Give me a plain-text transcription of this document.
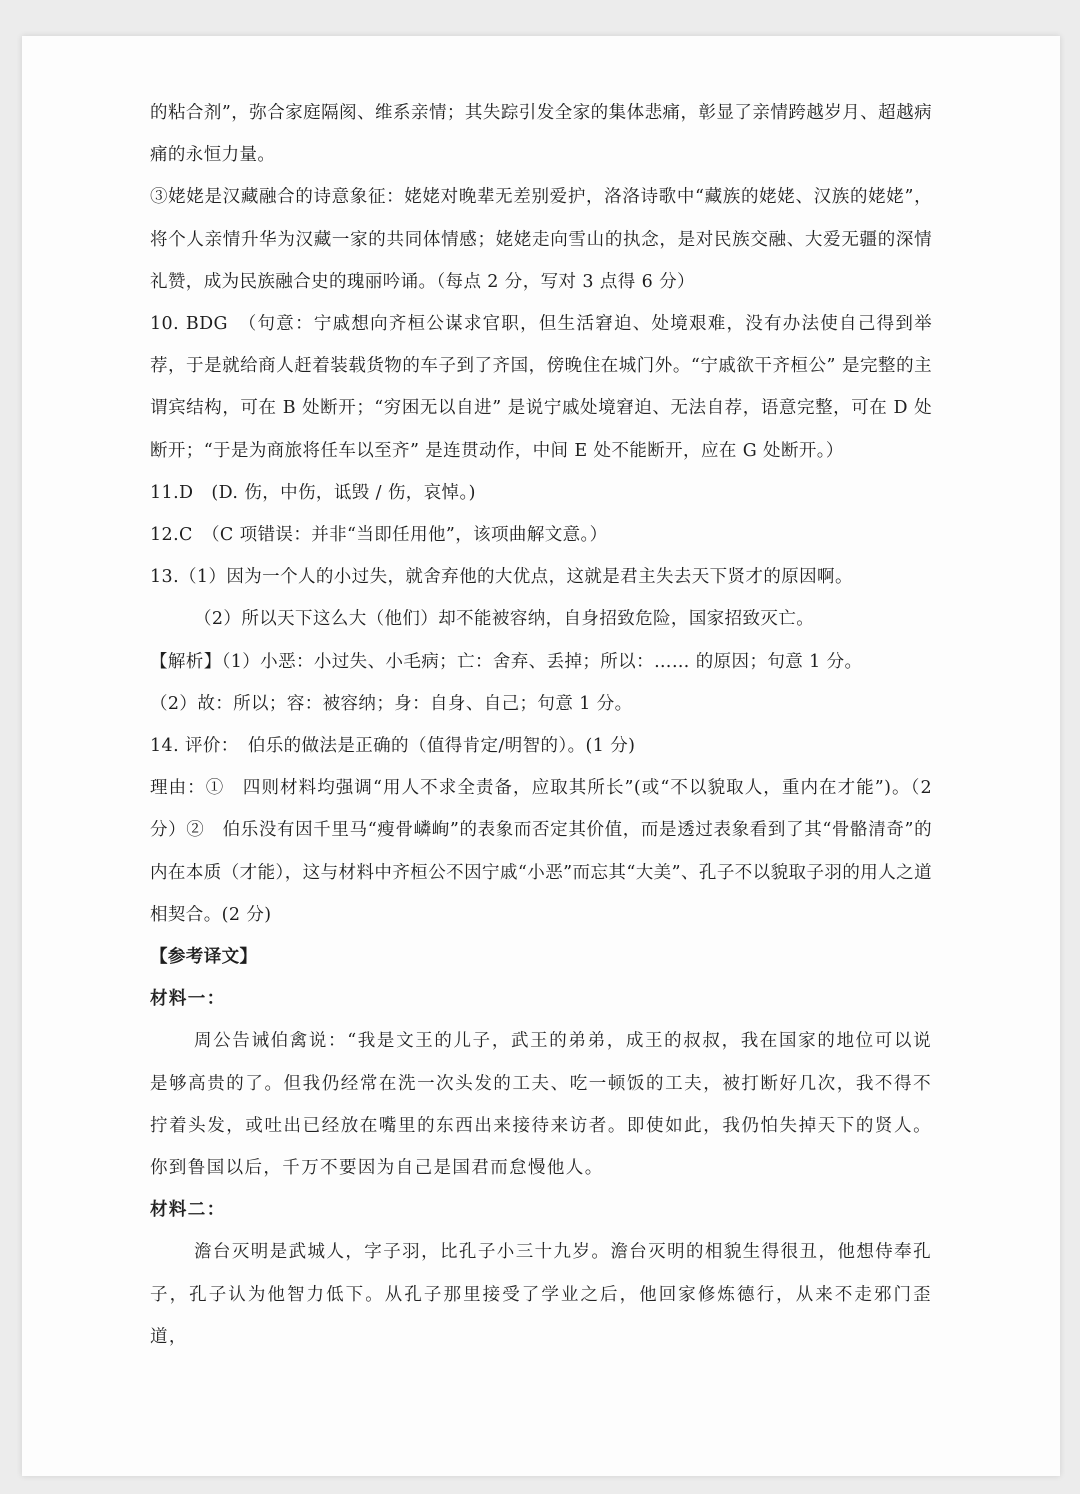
的粘合剂”，弥合家庭隔阂、维系亲情；其失踪引发全家的集体悲痛，彰显了亲情跨越岁月、超越病痛的永恒力量。

③姥姥是汉藏融合的诗意象征：姥姥对晚辈无差别爱护，洛洛诗歌中“藏族的姥姥、汉族的姥姥”，将个人亲情升华为汉藏一家的共同体情感；姥姥走向雪山的执念，是对民族交融、大爱无疆的深情礼赞，成为民族融合史的瑰丽吟诵。（每点 2 分，写对 3 点得 6 分）

10. BDG　（句意：宁戚想向齐桓公谋求官职，但生活窘迫、处境艰难，没有办法使自己得到举荐，于是就给商人赶着装载货物的车子到了齐国，傍晚住在城门外。“宁戚欲干齐桓公” 是完整的主谓宾结构，可在 B 处断开；“穷困无以自进” 是说宁戚处境窘迫、无法自荐，语意完整，可在 D 处断开；“于是为商旅将任车以至齐” 是连贯动作，中间 E 处不能断开，应在 G 处断开。）

11.D　(D. 伤，中伤，诋毁 / 伤，哀悼。)

12.C　（C 项错误：并非“当即任用他”，该项曲解文意。）

13.（1）因为一个人的小过失，就舍弃他的大优点，这就是君主失去天下贤才的原因啊。

（2）所以天下这么大（他们）却不能被容纳，自身招致危险，国家招致灭亡。

【解析】（1）小恶：小过失、小毛病；亡：舍弃、丢掉；所以：…… 的原因；句意 1 分。

（2）故：所以；容：被容纳；身：自身、自己；句意 1 分。

14. 评价：　伯乐的做法是正确的（值得肯定/明智的）。(1 分)

理由：①　四则材料均强调“用人不求全责备，应取其所长”(或“不以貌取人，重内在才能”)。（2 分）②　伯乐没有因千里马“瘦骨嶙峋”的表象而否定其价值，而是透过表象看到了其“骨骼清奇”的内在本质（才能），这与材料中齐桓公不因宁戚“小恶”而忘其“大美”、孔子不以貌取子羽的用人之道相契合。(2 分)

【参考译文】

材料一：

周公告诫伯禽说：“我是文王的儿子，武王的弟弟，成王的叔叔，我在国家的地位可以说是够高贵的了。但我仍经常在洗一次头发的工夫、吃一顿饭的工夫，被打断好几次，我不得不拧着头发，或吐出已经放在嘴里的东西出来接待来访者。即使如此，我仍怕失掉天下的贤人。你到鲁国以后，千万不要因为自己是国君而怠慢他人。

材料二：

澹台灭明是武城人，字子羽，比孔子小三十九岁。澹台灭明的相貌生得很丑，他想侍奉孔子，孔子认为他智力低下。从孔子那里接受了学业之后，他回家修炼德行，从来不走邪门歪道，
